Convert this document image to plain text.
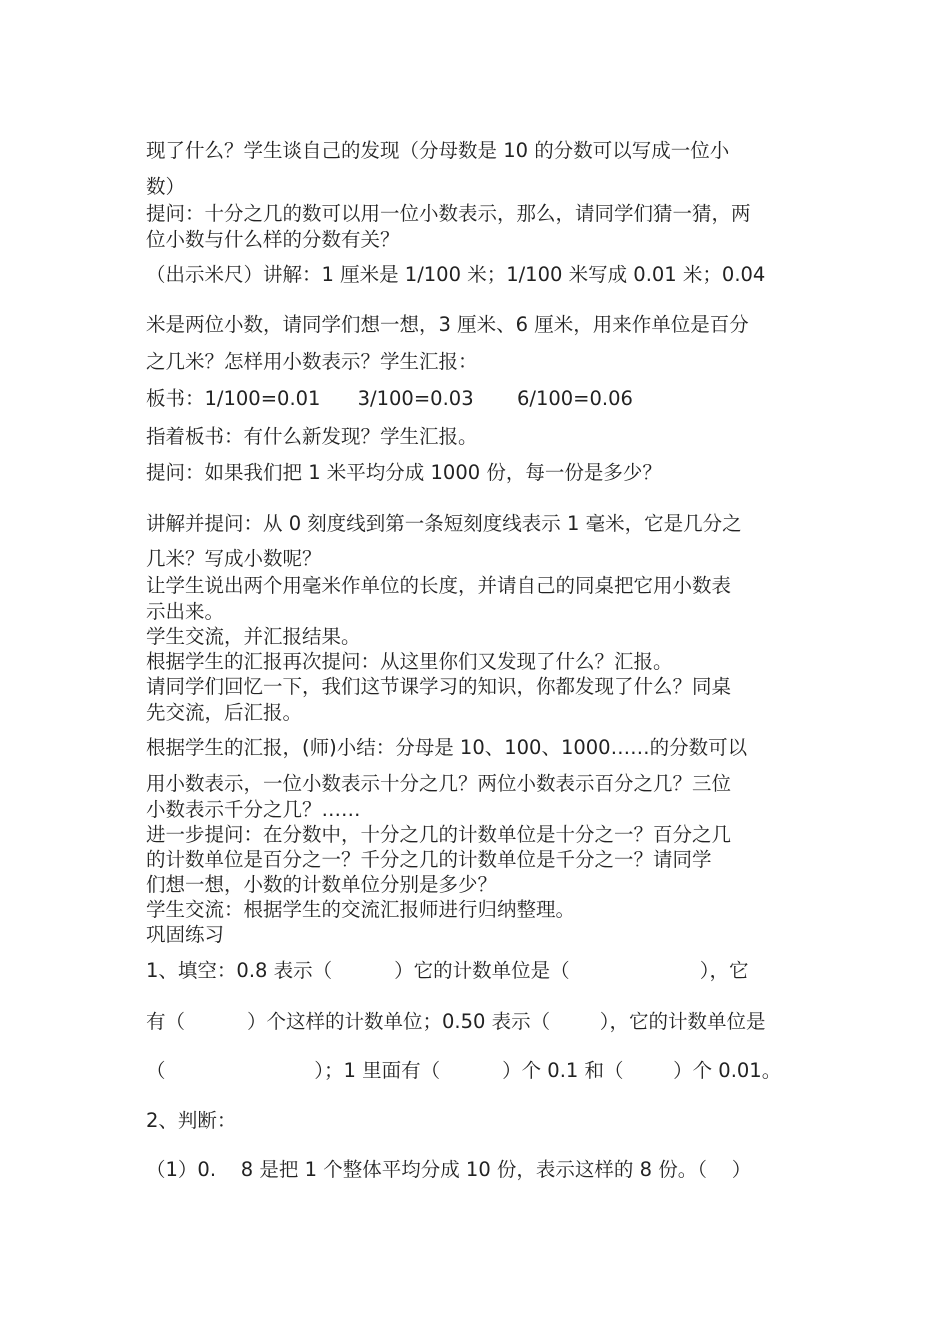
现了什么？学生谈自己的发现（分母数是 10 的分数可以写成一位小

数）

提问：十分之几的数可以用一位小数表示，那么，请同学们猜一猜，两

位小数与什么样的分数有关？

（出示米尺）讲解：1 厘米是 1/100 米；1/100 米写成 0.01 米；0.04

米是两位小数，请同学们想一想，3 厘米、6 厘米，用来作单位是百分

之几米？怎样用小数表示？学生汇报：

板书：1/100=0.01      3/100=0.03       6/100=0.06

指着板书：有什么新发现？学生汇报。

提问：如果我们把 1 米平均分成 1000 份，每一份是多少？

讲解并提问：从 0 刻度线到第一条短刻度线表示 1 毫米，它是几分之

几米？写成小数呢？

让学生说出两个用毫米作单位的长度，并请自己的同桌把它用小数表

示出来。

学生交流，并汇报结果。

根据学生的汇报再次提问：从这里你们又发现了什么？汇报。

请同学们回忆一下，我们这节课学习的知识，你都发现了什么？同桌

先交流，后汇报。

根据学生的汇报，(师)小结：分母是 10、100、1000……的分数可以

用小数表示，一位小数表示十分之几？两位小数表示百分之几？三位

小数表示千分之几？……

进一步提问：在分数中，十分之几的计数单位是十分之一？百分之几

的计数单位是百分之一？千分之几的计数单位是千分之一？请同学

们想一想，小数的计数单位分别是多少？

学生交流：根据学生的交流汇报师进行归纳整理。

巩固练习

1、填空：0.8 表示（          ）它的计数单位是（                     ），它

有（          ）个这样的计数单位；0.50 表示（        ），它的计数单位是

（                        ）；1 里面有（          ）个 0.1 和（        ）个 0.01。

2、判断：

（1）0.    8 是把 1 个整体平均分成 10 份，表示这样的 8 份。（    ）
